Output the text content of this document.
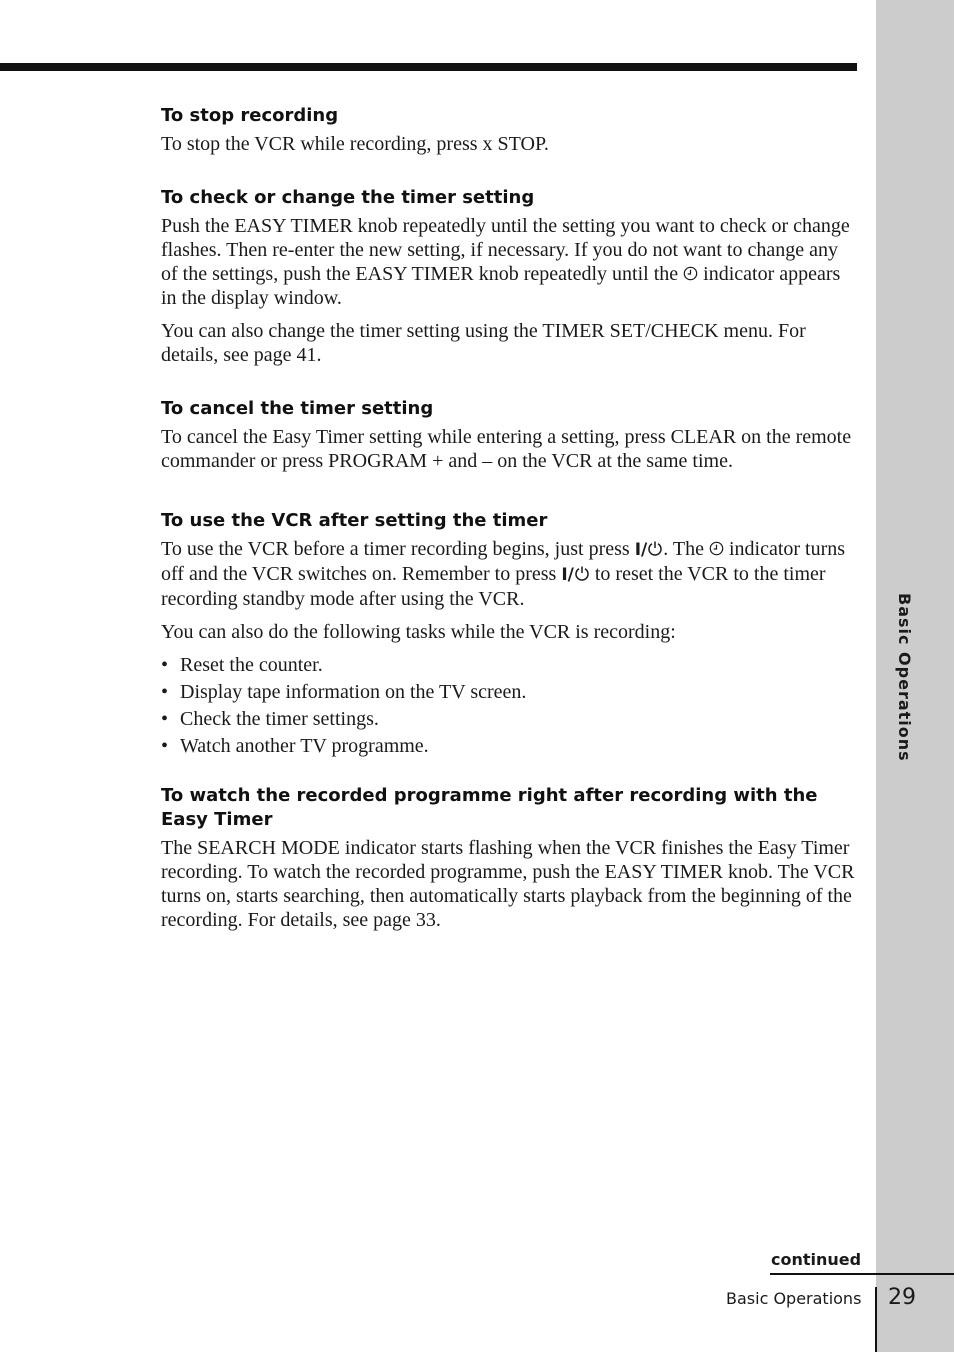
Basic Operations
To stop recording

To stop the VCR while recording, press x STOP.

To check or change the timer setting

Push the EASY TIMER knob repeatedly until the setting you want to check or change flashes. Then re-enter the new setting, if necessary. If you do not want to change any of the settings, push the EASY TIMER knob repeatedly until the indicator appears in the display window.

You can also change the timer setting using the TIMER SET/CHECK menu. For details, see page 41.

To cancel the timer setting

To cancel the Easy Timer setting while entering a setting, press CLEAR on the remote commander or press PROGRAM + and – on the VCR at the same time.

To use the VCR after setting the timer

To use the VCR before a timer recording begins, just press I/ . The indicator turns off and the VCR switches on. Remember to press I/ to reset the VCR to the timer recording standby mode after using the VCR.

You can also do the following tasks while the VCR is recording:

• Reset the counter.
• Display tape information on the TV screen.
• Check the timer settings.
• Watch another TV programme.
To watch the recorded programme right after recording with the Easy Timer

The SEARCH MODE indicator starts flashing when the VCR finishes the Easy Timer recording. To watch the recorded programme, push the EASY TIMER knob. The VCR turns on, starts searching, then automatically starts playback from the beginning of the recording. For details, see page 33.

continued
Basic Operations 29
